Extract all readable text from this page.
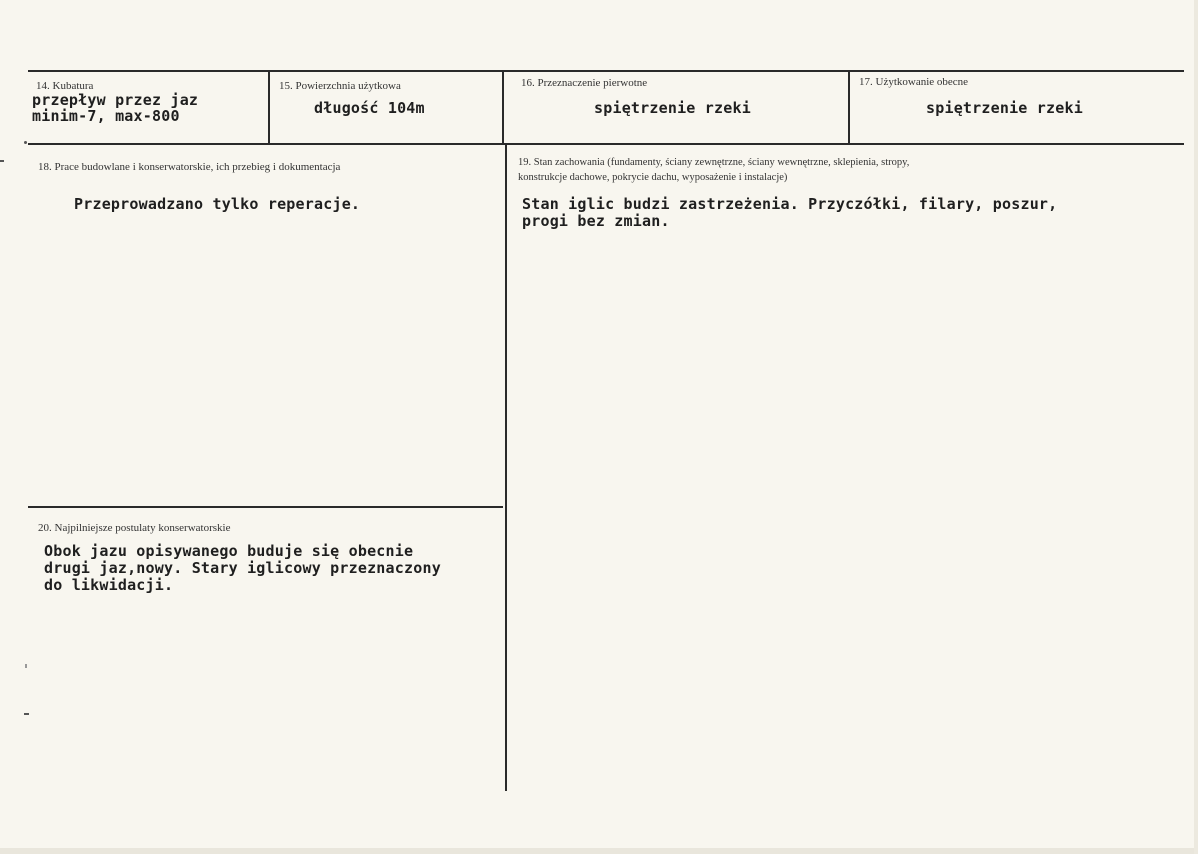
14. Kubatura
przepływ przez jaz
minim-7, max-800
15. Powierzchnia użytkowa
długość 104m
16. Przeznaczenie pierwotne
spiętrzenie rzeki
17. Użytkowanie obecne
spiętrzenie rzeki
18. Prace budowlane i konserwatorskie, ich przebieg i dokumentacja
Przeprowadzano tylko reperacje.
19. Stan zachowania (fundamenty, ściany zewnętrzne, ściany wewnętrzne, sklepienia, stropy,
konstrukcje dachowe, pokrycie dachu, wyposażenie i instalacje)
Stan iglic budzi zastrzeżenia. Przyczółki, filary, poszur,
progi bez zmian.
20. Najpilniejsze postulaty konserwatorskie
Obok jazu opisywanego buduje się obecnie
drugi jaz,nowy. Stary iglicowy przeznaczony
do likwidacji.
